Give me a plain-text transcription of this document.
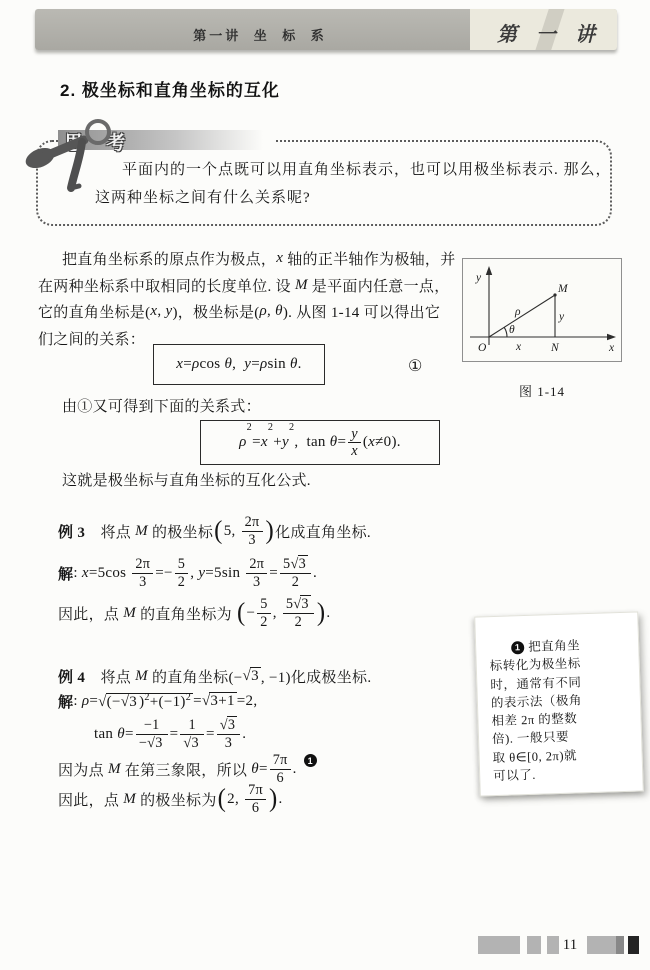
第一讲  坐  标  系	第 一 讲
2. 极坐标和直角坐标的互化
思 考
平面内的一个点既可以用直角坐标表示，也可以用极坐标表示. 那么，
这两种坐标之间有什么关系呢?
把直角坐标系的原点作为极点， x 轴的正半轴作为极轴，并
在两种坐标系中取相同的长度单位. 设 M 是平面内任意一点，
它的直角坐标是( x , y )，极坐标是( ρ , θ ). 从图 1-14 可以得出它
们之间的关系：
x = ρ cos θ , y = ρ sin θ .	①
由①又可得到下面的关系式：
ρ
2
= x
2
+ y
2
,  $\tan \theta = \frac{y}{x}$ ( x ≠0).
这就是极坐标与直角坐标的互化公式.
例 3 　将点 M 的极坐标 ( 5, $\frac{2\pi}{3}$ ) 化成直角坐标.
解 : $x =5\cos \frac{2\pi}{3} =- \frac{5}{2}$ , $y =5\sin \frac{2\pi}{3} = \frac{5√3}{2}$ .
因此，点 M 的直角坐标为 ( − $\frac{5}{2}$ , $\frac{5√3}{2}$ ) .
例 4 　将点 M 的直角坐标(− √3 , −1)化成极坐标.
解 : ρ = √(−√3 )$^2+(-1)^2 = √3+1 =2$,
$\tan \theta = \frac{-1}{-√3} = \frac{1}{√3} = \frac{√3}{3}$ .
因为点 M 在第三象限，所以 $\theta = \frac{7\pi}{6}$ . 1
因此，点 M 的极坐标为 ( 2, $\frac{7\pi}{6}$ ) .
y
x
O
M
N
ρ
θ
x
y
图 1-14
1 把直角坐
标转化为极坐标
时，通常有不同
的表示法（极角
相差 2π 的整数
倍). 一般只要
取 θ∈[0, 2π)就
可以了.
11
